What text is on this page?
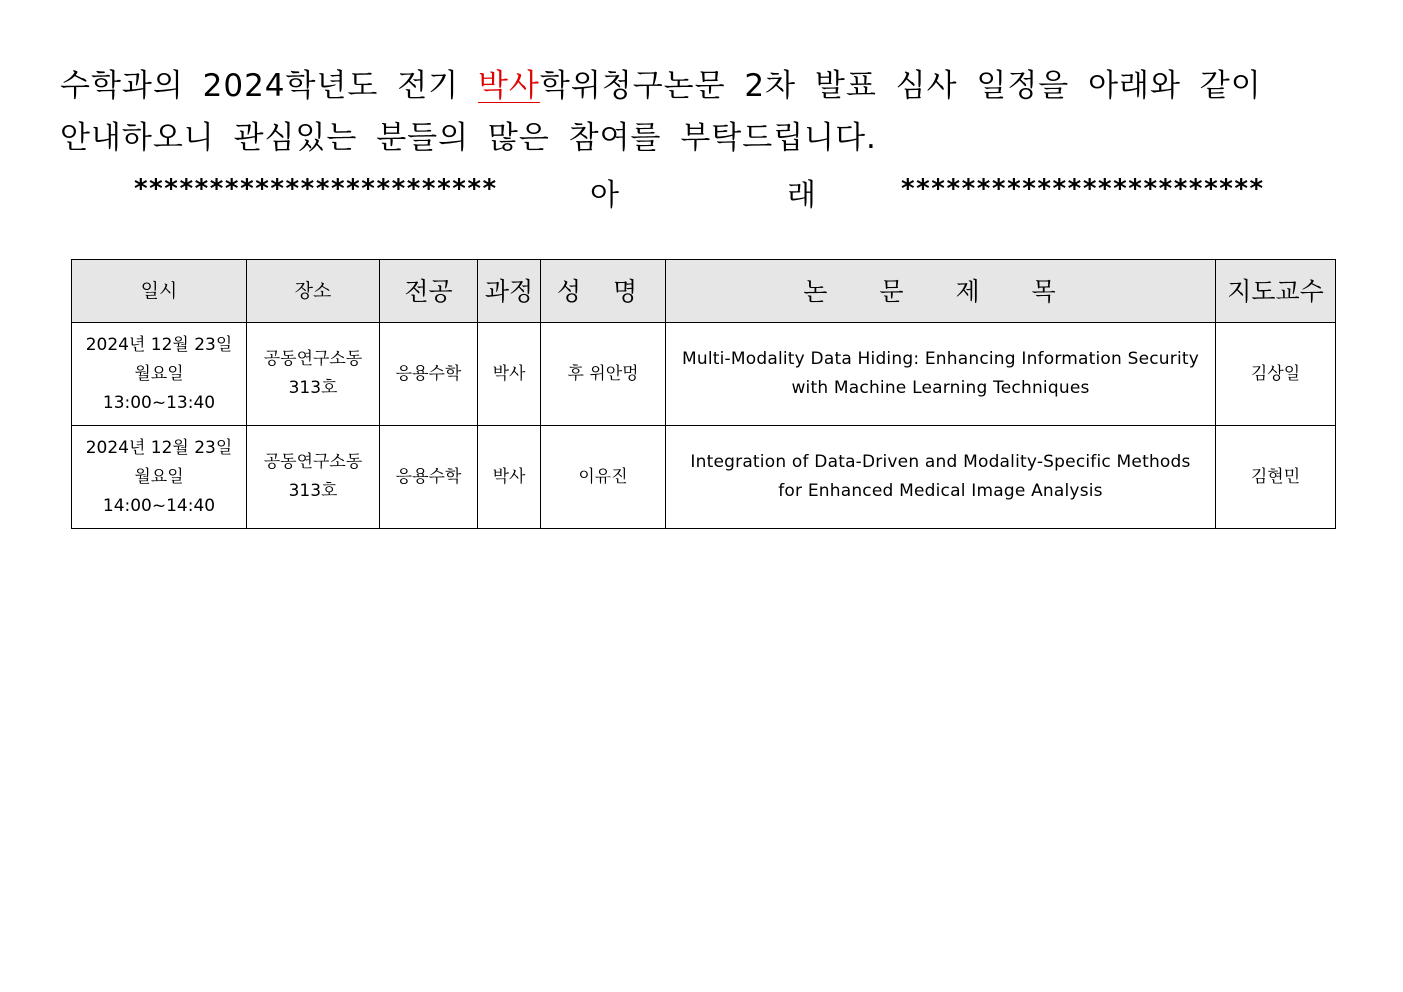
수학과의 2024학년도 전기 박사학위청구논문 2차 발표 심사 일정을 아래와 같이
안내하오니 관심있는 분들의 많은 참여를 부탁드립니다.
************************	아	래	************************
일시	장소	전공	과정	성 명	논 문 제 목	지도교수

2024년 12월 23일
월요일
13:00~13:40	공동연구소동
313호	응용수학	박사	후 위안멍	Multi-Modality Data Hiding: Enhancing Information Security
with Machine Learning Techniques	김상일

2024년 12월 23일
월요일
14:00~14:40	공동연구소동
313호	응용수학	박사	이유진	Integration of Data-Driven and Modality-Specific Methods
for Enhanced Medical Image Analysis	김현민
